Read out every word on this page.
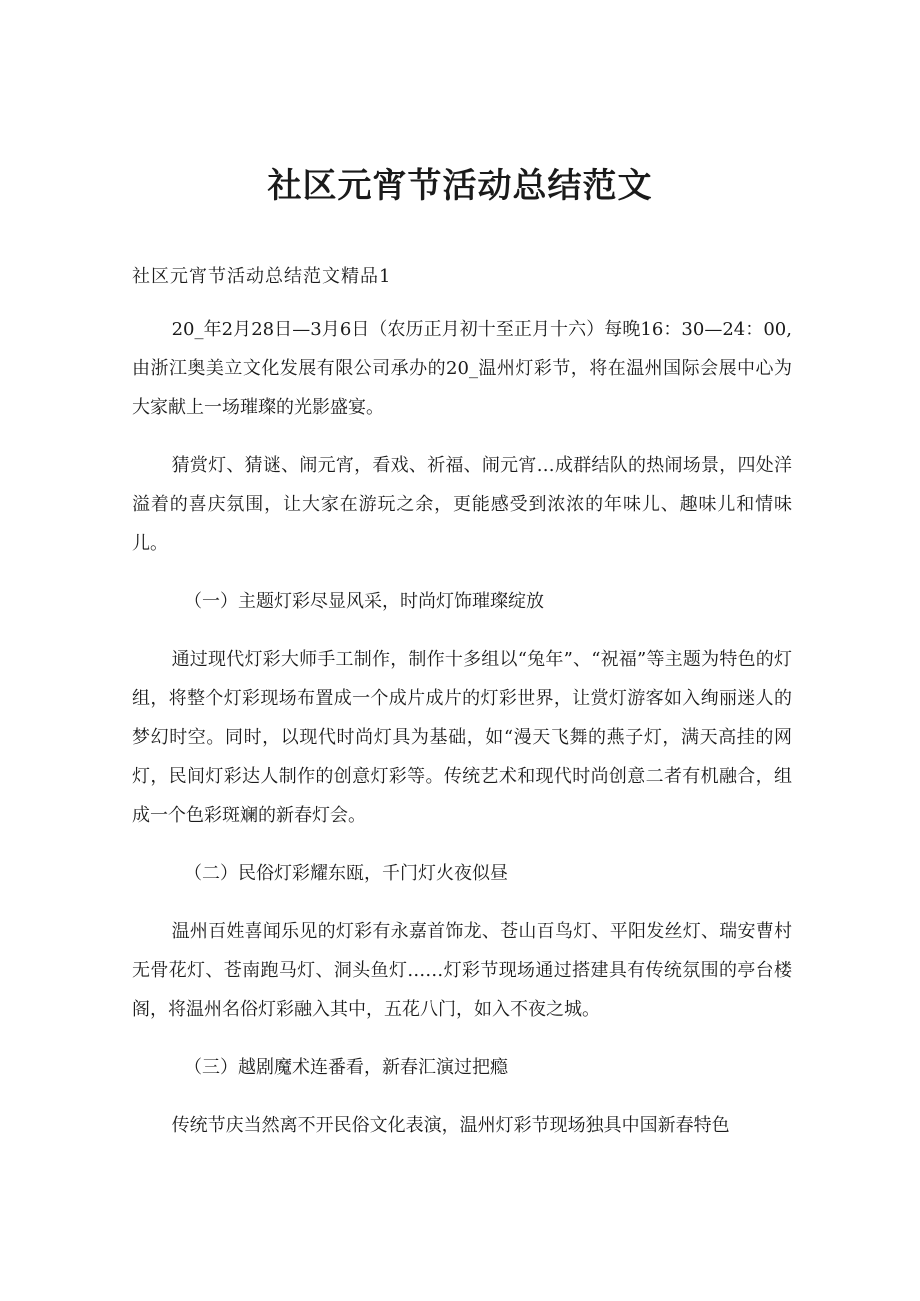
社区元宵节活动总结范文
社区元宵节活动总结范文精品1

20_年2月28日—3月6日（农历正月初十至正月十六）每晚16：30—24：00,由浙江奥美立文化发展有限公司承办的20_温州灯彩节，将在温州国际会展中心为大家献上一场璀璨的光影盛宴。

猜赏灯、猜谜、闹元宵，看戏、祈福、闹元宵…成群结队的热闹场景，四处洋溢着的喜庆氛围，让大家在游玩之余，更能感受到浓浓的年味儿、趣味儿和情味儿。

（一）主题灯彩尽显风采，时尚灯饰璀璨绽放

通过现代灯彩大师手工制作，制作十多组以“兔年”、“祝福”等主题为特色的灯组，将整个灯彩现场布置成一个成片成片的灯彩世界，让赏灯游客如入绚丽迷人的梦幻时空。同时，以现代时尚灯具为基础，如“漫天飞舞的燕子灯，满天高挂的网灯，民间灯彩达人制作的创意灯彩等。传统艺术和现代时尚创意二者有机融合，组成一个色彩斑斓的新春灯会。

（二）民俗灯彩耀东瓯，千门灯火夜似昼

温州百姓喜闻乐见的灯彩有永嘉首饰龙、苍山百鸟灯、平阳发丝灯、瑞安曹村无骨花灯、苍南跑马灯、洞头鱼灯……灯彩节现场通过搭建具有传统氛围的亭台楼阁，将温州名俗灯彩融入其中，五花八门，如入不夜之城。

（三）越剧魔术连番看，新春汇演过把瘾

传统节庆当然离不开民俗文化表演，温州灯彩节现场独具中国新春特色
